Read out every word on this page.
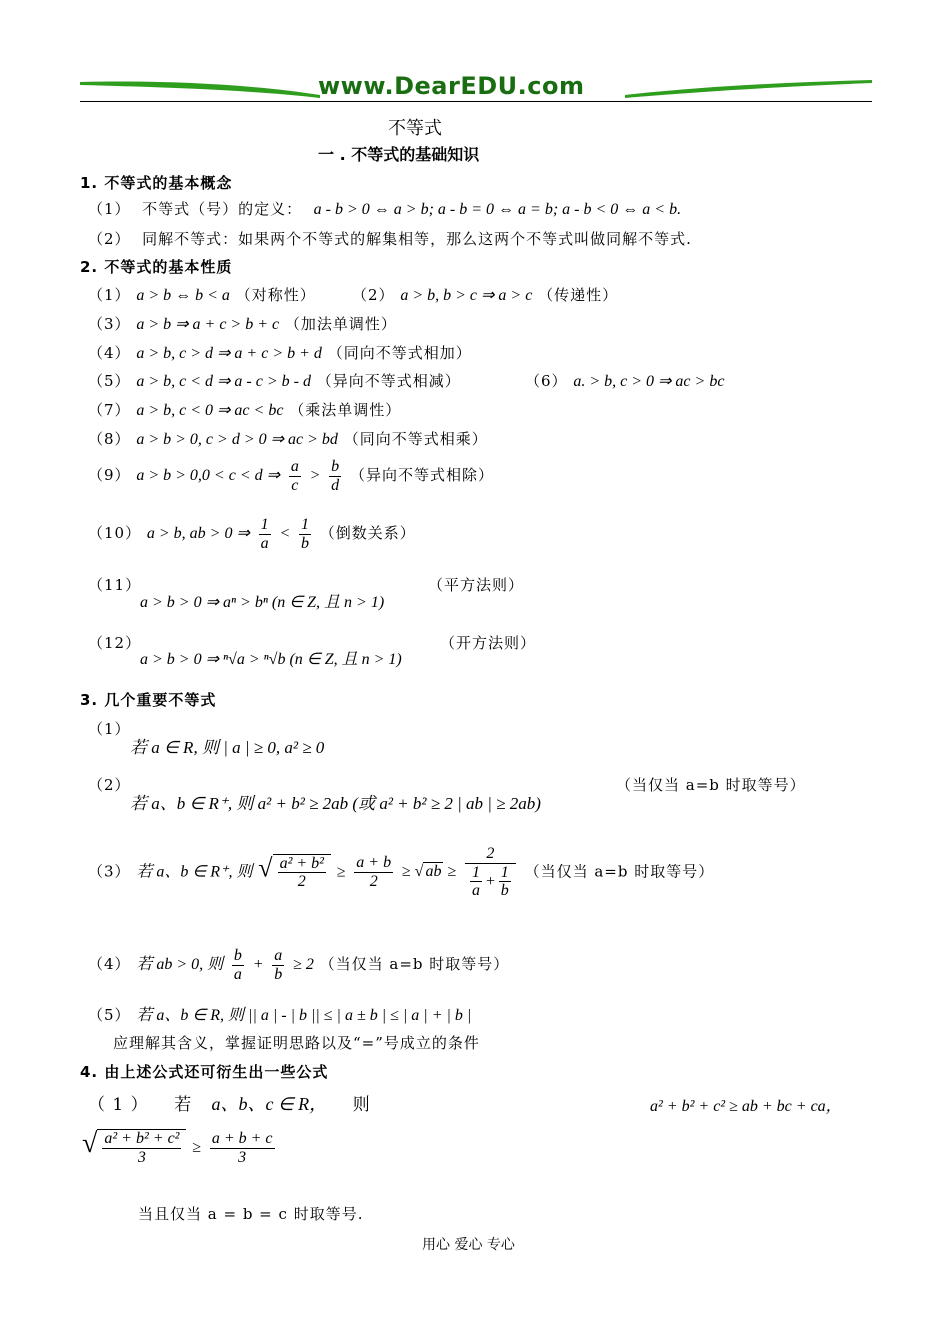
www.DearEDU.com
不等式
一 . 不等式的基础知识
1. 不等式的基本概念
（1） 不等式（号）的定义： a - b > 0 ⇔ a > b; a - b = 0 ⇔ a = b; a - b < 0 ⇔ a < b.
（2） 同解不等式：如果两个不等式的解集相等，那么这两个不等式叫做同解不等式.
2. 不等式的基本性质
（1） a > b ⇔ b < a （对称性） （2） a > b, b > c ⇒ a > c （传递性）
（3） a > b ⇒ a + c > b + c （加法单调性）
（4） a > b, c > d ⇒ a + c > b + d （同向不等式相加）
（5） a > b, c < d ⇒ a - c > b - d （异向不等式相减）	（6） a. > b, c > 0 ⇒ ac > bc
（7） a > b, c < 0 ⇒ ac < bc （乘法单调性）
（8） a > b > 0, c > d > 0 ⇒ ac > bd （同向不等式相乘）
（9） a > b > 0,0 < c < d ⇒ $\frac{a}{c} > \frac{b}{d}$ （异向不等式相除）
（10） a > b, ab > 0 ⇒ $\frac{1}{a} < \frac{1}{b}$ （倒数关系）
（11）
a > b > 0 ⇒ aⁿ > bⁿ (n ∈ Z, 且 n > 1)
（平方法则）
（12）
a > b > 0 ⇒ ⁿ√a > ⁿ√b (n ∈ Z, 且 n > 1)
（开方法则）
3. 几个重要不等式
（1）
若 a ∈ R, 则 | a | ≥ 0, a² ≥ 0
（2）
若 a、b ∈ R⁺, 则 a² + b² ≥ 2ab (或 a² + b² ≥ 2 | ab | ≥ 2ab)
（当仅当 a=b 时取等号）
（3） 若 a、b ∈ R⁺, 则 √ $\frac{\text{a² + b²}}{2} \ge \frac{a + b}{2}$ ≥ √ ab ≥ $\frac{2}{\frac{1}{a} + \frac{1}{b}}$ （当仅当 a=b 时取等号）
（4） 若 ab > 0, 则 $\frac{b}{a} + \frac{a}{b} \ge 2$ （当仅当 a=b 时取等号）
（5） 若 a、b ∈ R, 则 || a | - | b || ≤ | a ± b | ≤ | a | + | b |
应理解其含义，掌握证明思路以及“=”号成立的条件
4. 由上述公式还可衍生出一些公式
（ 1 ） 若 a、b、c ∈ R， 则	a² + b² + c² ≥ ab + bc + ca，
√ $\frac{\text{a² + b² + c²}}{3} \ge \frac{a + b + c}{3}$
当且仅当 a = b = c 时取等号.
用心 爱心 专心
